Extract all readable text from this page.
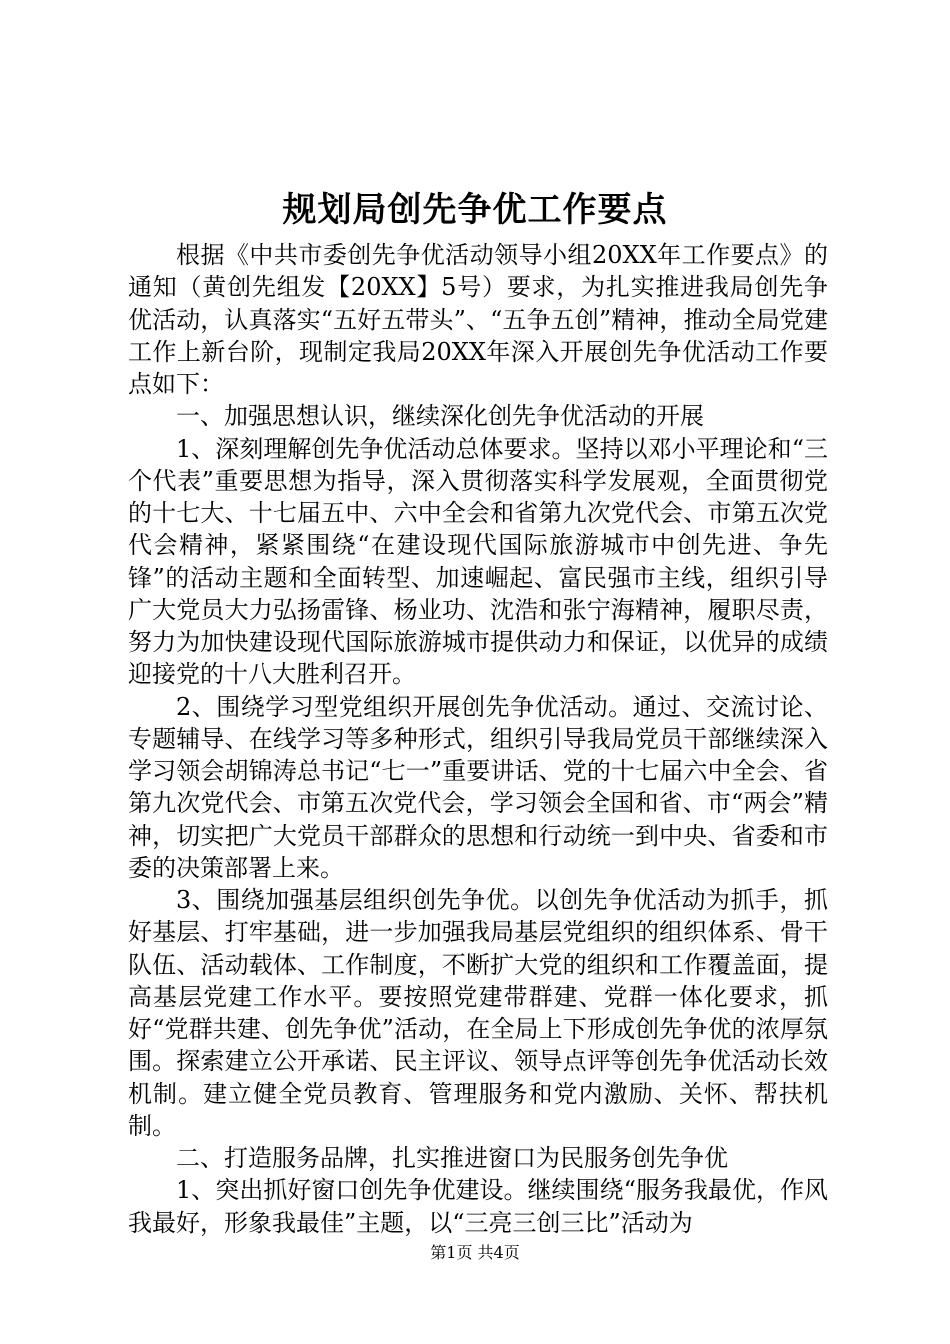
规划局创先争优工作要点

根据《中共市委创先争优活动领导小组20XX年工作要点》的通知（黄创先组发【20XX】5号）要求，为扎实推进我局创先争优活动，认真落实“五好五带头”、“五争五创”精神，推动全局党建工作上新台阶，现制定我局20XX年深入开展创先争优活动工作要点如下：

一、加强思想认识，继续深化创先争优活动的开展

1、深刻理解创先争优活动总体要求。坚持以邓小平理论和“三个代表”重要思想为指导，深入贯彻落实科学发展观，全面贯彻党的十七大、十七届五中、六中全会和省第九次党代会、市第五次党代会精神，紧紧围绕“在建设现代国际旅游城市中创先进、争先锋”的活动主题和全面转型、加速崛起、富民强市主线，组织引导广大党员大力弘扬雷锋、杨业功、沈浩和张宁海精神，履职尽责，努力为加快建设现代国际旅游城市提供动力和保证，以优异的成绩迎接党的十八大胜利召开。

2、围绕学习型党组织开展创先争优活动。通过、交流讨论、专题辅导、在线学习等多种形式，组织引导我局党员干部继续深入学习领会胡锦涛总书记“七一”重要讲话、党的十七届六中全会、省第九次党代会、市第五次党代会，学习领会全国和省、市“两会”精神，切实把广大党员干部群众的思想和行动统一到中央、省委和市委的决策部署上来。

3、围绕加强基层组织创先争优。以创先争优活动为抓手，抓好基层、打牢基础，进一步加强我局基层党组织的组织体系、骨干队伍、活动载体、工作制度，不断扩大党的组织和工作覆盖面，提高基层党建工作水平。要按照党建带群建、党群一体化要求，抓好“党群共建、创先争优”活动，在全局上下形成创先争优的浓厚氛围。探索建立公开承诺、民主评议、领导点评等创先争优活动长效机制。建立健全党员教育、管理服务和党内激励、关怀、帮扶机制。

二、打造服务品牌，扎实推进窗口为民服务创先争优

1、突出抓好窗口创先争优建设。继续围绕“服务我最优，作风我最好，形象我最佳”主题，以“三亮三创三比”活动为

第1页 共4页
